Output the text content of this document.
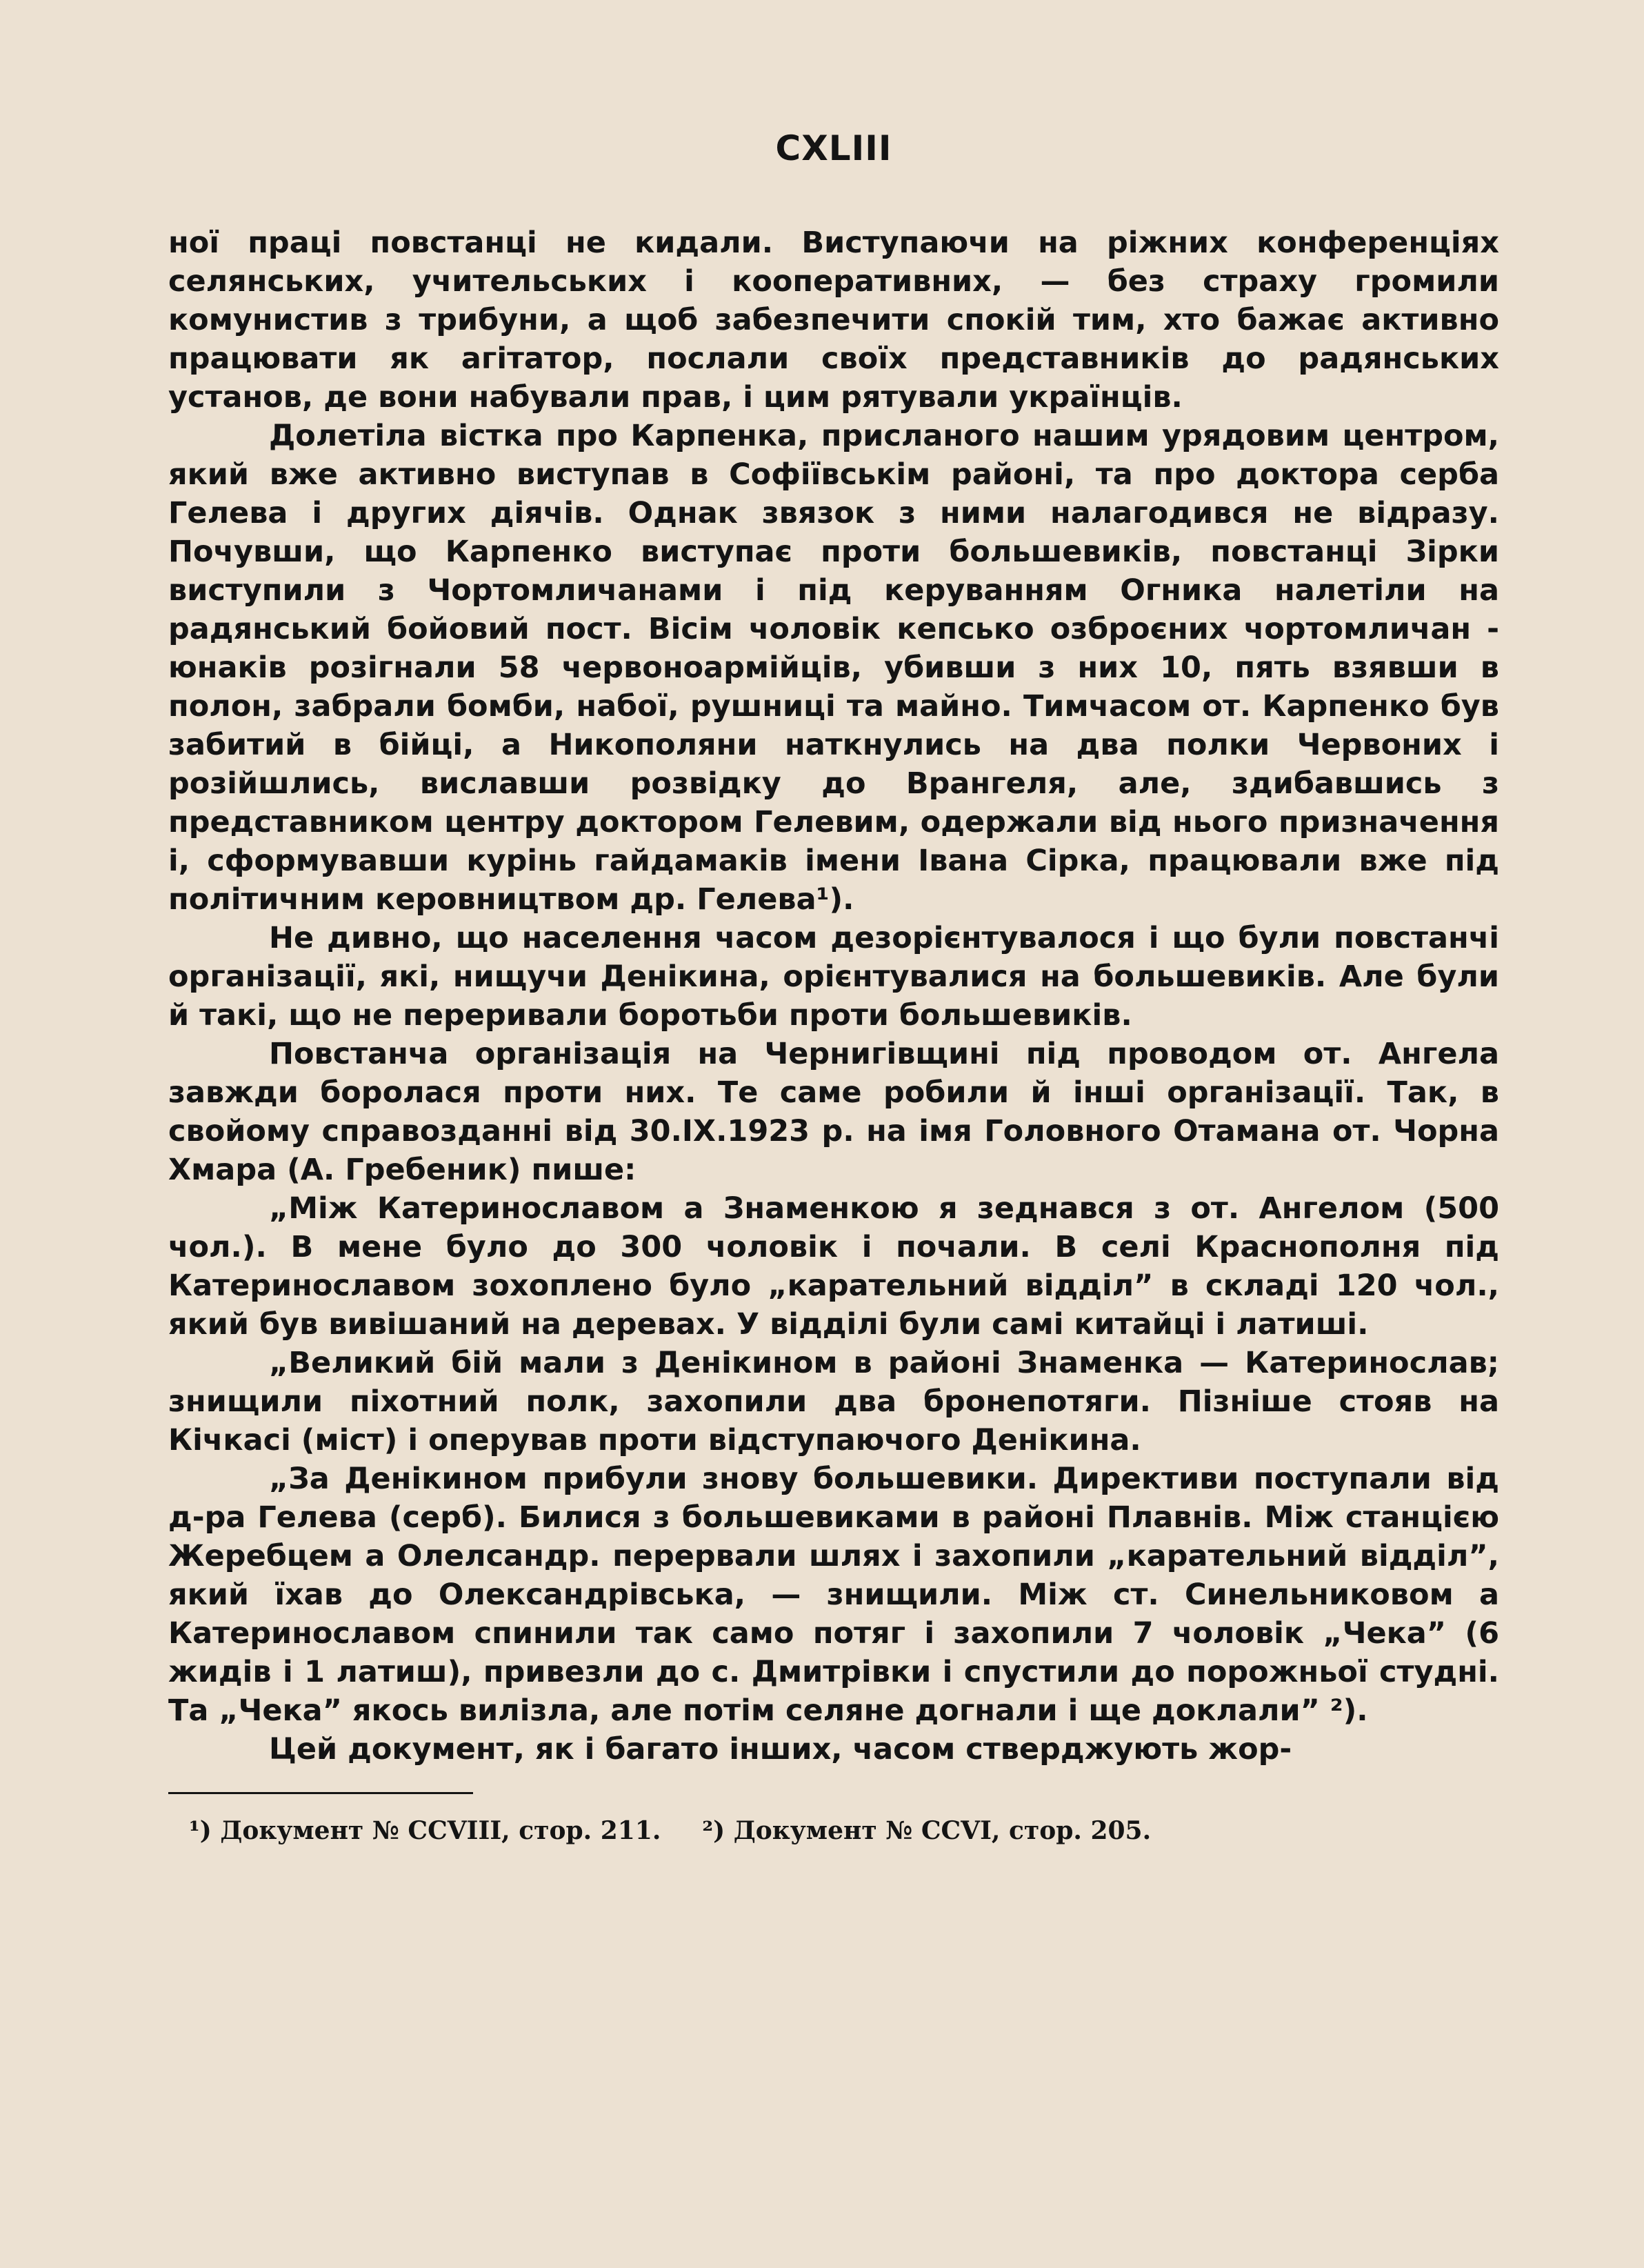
CXLIII

ної праці повстанці не кидали. Виступаючи на ріжних конференціях селянських, учительських і кооперативних, — без страху громили комунистив з трибуни, а щоб забезпечити спокій тим, хто бажає активно працювати як агітатор, послали своїх представників до радянських установ, де вони набували прав, і цим рятували українців.

Долетіла вістка про Карпенка, присланого нашим урядовим центром, який вже активно виступав в Софіївськім районі, та про доктора серба Гелева і других діячів. Однак звязок з ними налагодився не відразу. Почувши, що Карпенко виступає проти большевиків, повстанці Зірки виступили з Чортомличанами і під керуванням Огника налетіли на радянський бойовий пост. Вісім чоловік кепсько озброєних чортомличан - юнаків розігнали 58 червоноармійців, убивши з них 10, пять взявши в полон, забрали бомби, набої, рушниці та майно. Тимчасом от. Карпенко був забитий в бійці, а Никополяни наткнулись на два полки Червоних і розійшлись, виславши розвідку до Врангеля, але, здибавшись з представником центру доктором Гелевим, одержали від нього призначення і, сформувавши курінь гайдамаків імени Івана Сірка, працювали вже під політичним керовництвом др. Гелева¹).

Не дивно, що населення часом дезорієнтувалося і що були повстанчі організації, які, нищучи Денікина, орієнтувалися на большевиків. Але були й такі, що не переривали боротьби проти большевиків.

Повстанча організація на Чернигівщині під проводом от. Ангела завжди боролася проти них. Те саме робили й інші організації. Так, в свойому справозданні від 30.IX.1923 р. на імя Головного Отамана от. Чорна Хмара (А. Гребеник) пише:

„Між Катеринославом а Знаменкою я зеднався з от. Ангелом (500 чол.). В мене було до 300 чоловік і почали. В селі Краснополня під Катеринославом зохоплено було „карательний відділ” в складі 120 чол., який був вивішаний на деревах. У відділі були самі китайці і латиші.

„Великий бій мали з Денікином в районі Знаменка — Катеринослав; знищили піхотний полк, захопили два бронепотяги. Пізніше стояв на Кічкасі (міст) і оперував проти відступаючого Денікина.

„За Денікином прибули знову большевики. Директиви поступали від д-ра Гелева (серб). Билися з большевиками в районі Плавнів. Між станцією Жеребцем а Олелсандр. перервали шлях і захопили „карательний відділ”, який їхав до Олександрівська, — знищили. Між ст. Синельниковом а Катеринославом спинили так само потяг і захопили 7 чоловік „Чека” (6 жидів і 1 латиш), привезли до с. Дмитрівки і спустили до порожньої студні. Та „Чека” якось вилізла, але потім селяне догнали і ще доклали” ²).

Цей документ, як і багато інших, часом стверджують жор-

¹) Документ № CCVIII, стор. 211. ²) Документ № CCVI, стор. 205.
